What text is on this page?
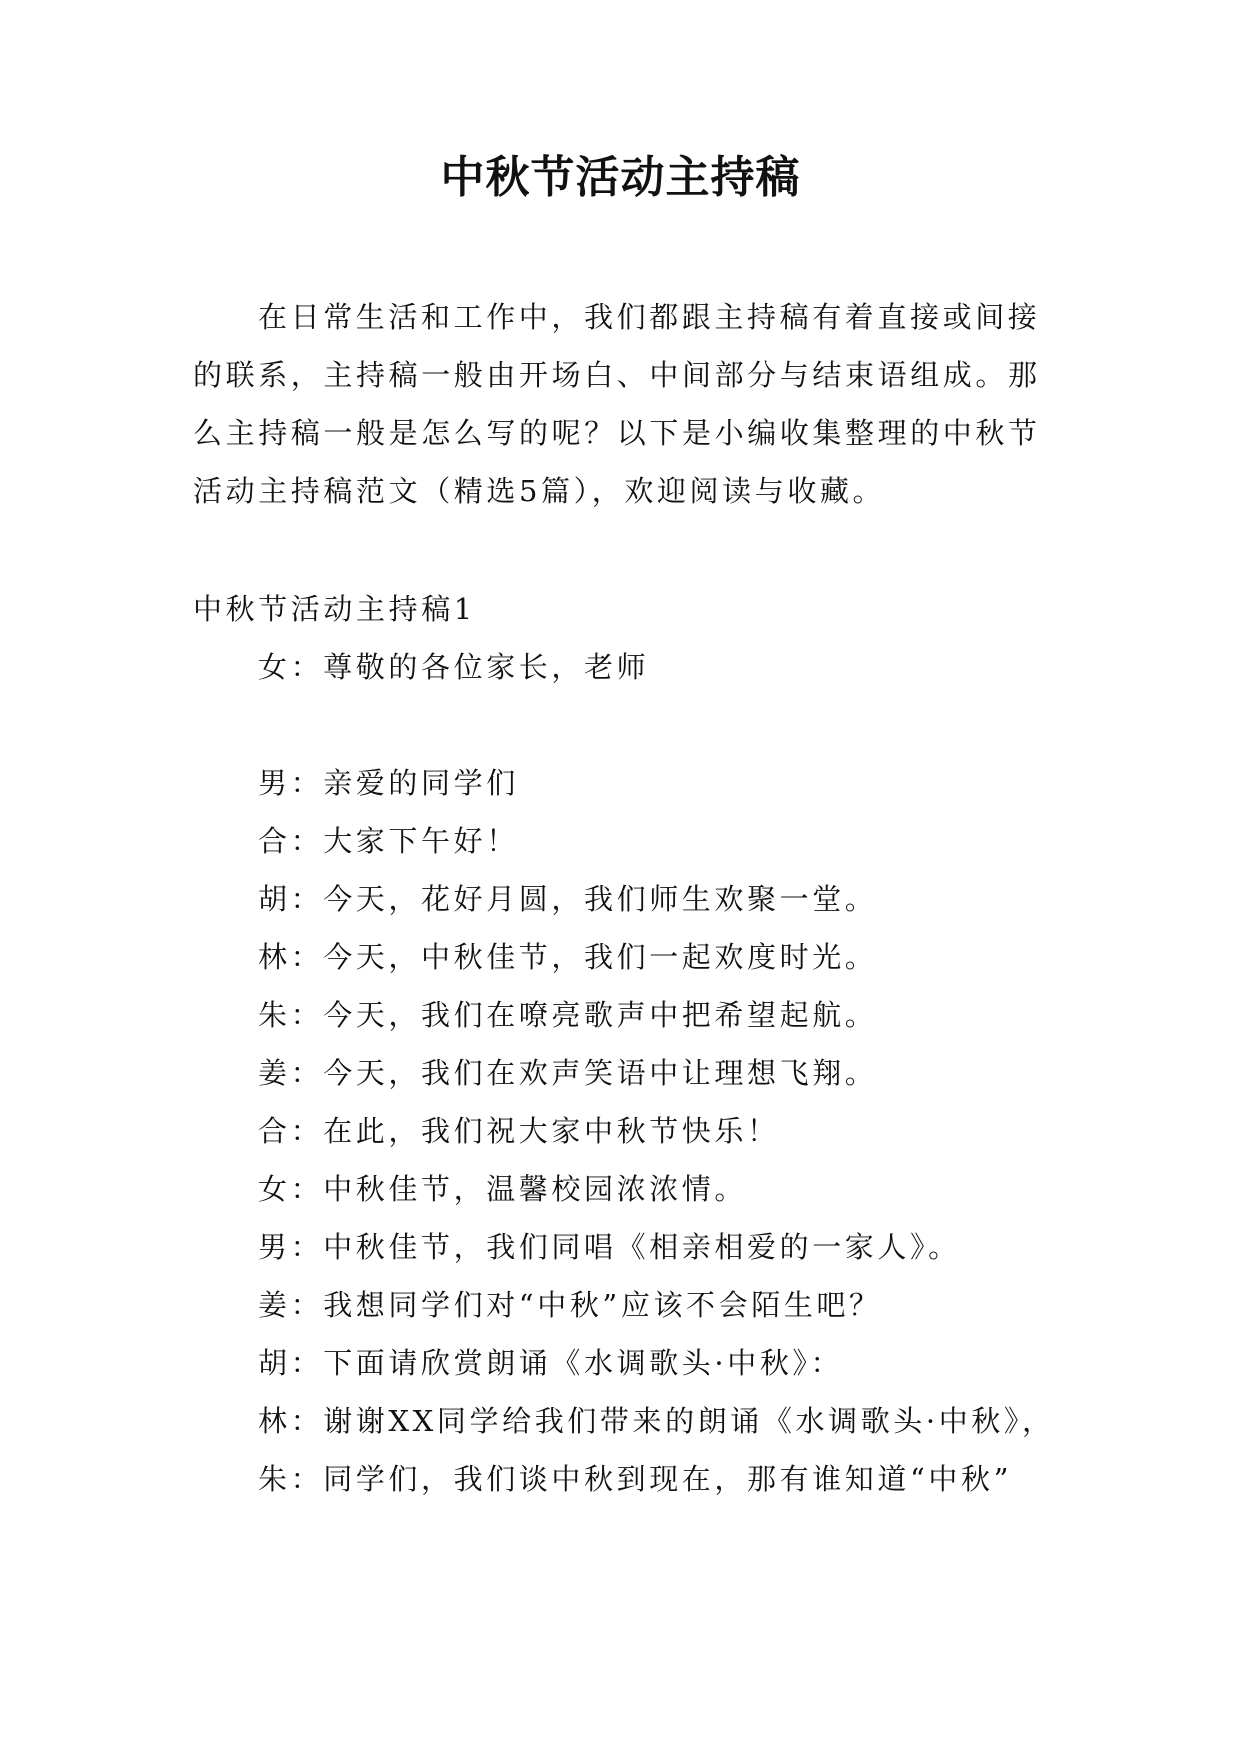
中秋节活动主持稿

在日常生活和工作中，我们都跟主持稿有着直接或间接的联系，主持稿一般由开场白、中间部分与结束语组成。那么主持稿一般是怎么写的呢？以下是小编收集整理的中秋节活动主持稿范文（精选5篇），欢迎阅读与收藏。

中秋节活动主持稿1

女：尊敬的各位家长，老师

男：亲爱的同学们

合：大家下午好！

胡：今天，花好月圆，我们师生欢聚一堂。

林：今天，中秋佳节，我们一起欢度时光。

朱：今天，我们在嘹亮歌声中把希望起航。

姜：今天，我们在欢声笑语中让理想飞翔。

合：在此，我们祝大家中秋节快乐！

女：中秋佳节，温馨校园浓浓情。

男：中秋佳节，我们同唱《相亲相爱的一家人》。

姜：我想同学们对“中秋”应该不会陌生吧？

胡：下面请欣赏朗诵《水调歌头·中秋》：

林：谢谢XX同学给我们带来的朗诵《水调歌头·中秋》，

朱：同学们，我们谈中秋到现在，那有谁知道“中秋”
